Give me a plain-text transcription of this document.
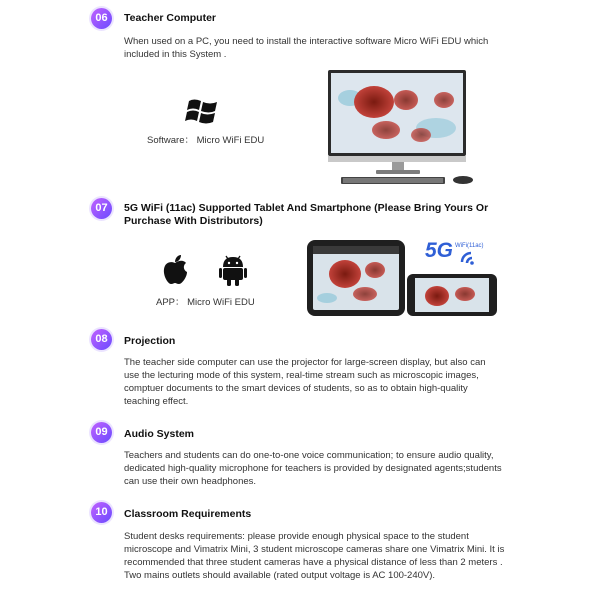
06	Teacher Computer
When used on a PC, you need to install the interactive software Micro WiFi EDU which included in this System .
Software： Micro WiFi EDU
07	5G WiFi (11ac) Supported Tablet And Smartphone (Please Bring Yours Or Purchase With Distributors)
APP： Micro WiFi EDU
5G WiFi(11ac)
08	Projection
The teacher side computer can use the projector for large-screen display, but also can use the lecturing mode of this system, real-time stream such as microscopic images, comptuer documents to the smart devices of students, so as to obtain high-quality teaching effect.
09	Audio System
Teachers and students can do one-to-one voice communication; to ensure audio quality, dedicated high-quality microphone for teachers is provided by designated agents;students can use their own headphones.
10	Classroom Requirements
Student desks requirements: please provide enough physical space to the student microscope and Vimatrix Mini, 3 student microscope cameras share one Vimatrix Mini. It is recommended that three student cameras have a physical distance of less than 2 meters . Two mains outlets should available (rated output voltage is AC 100-240V).
